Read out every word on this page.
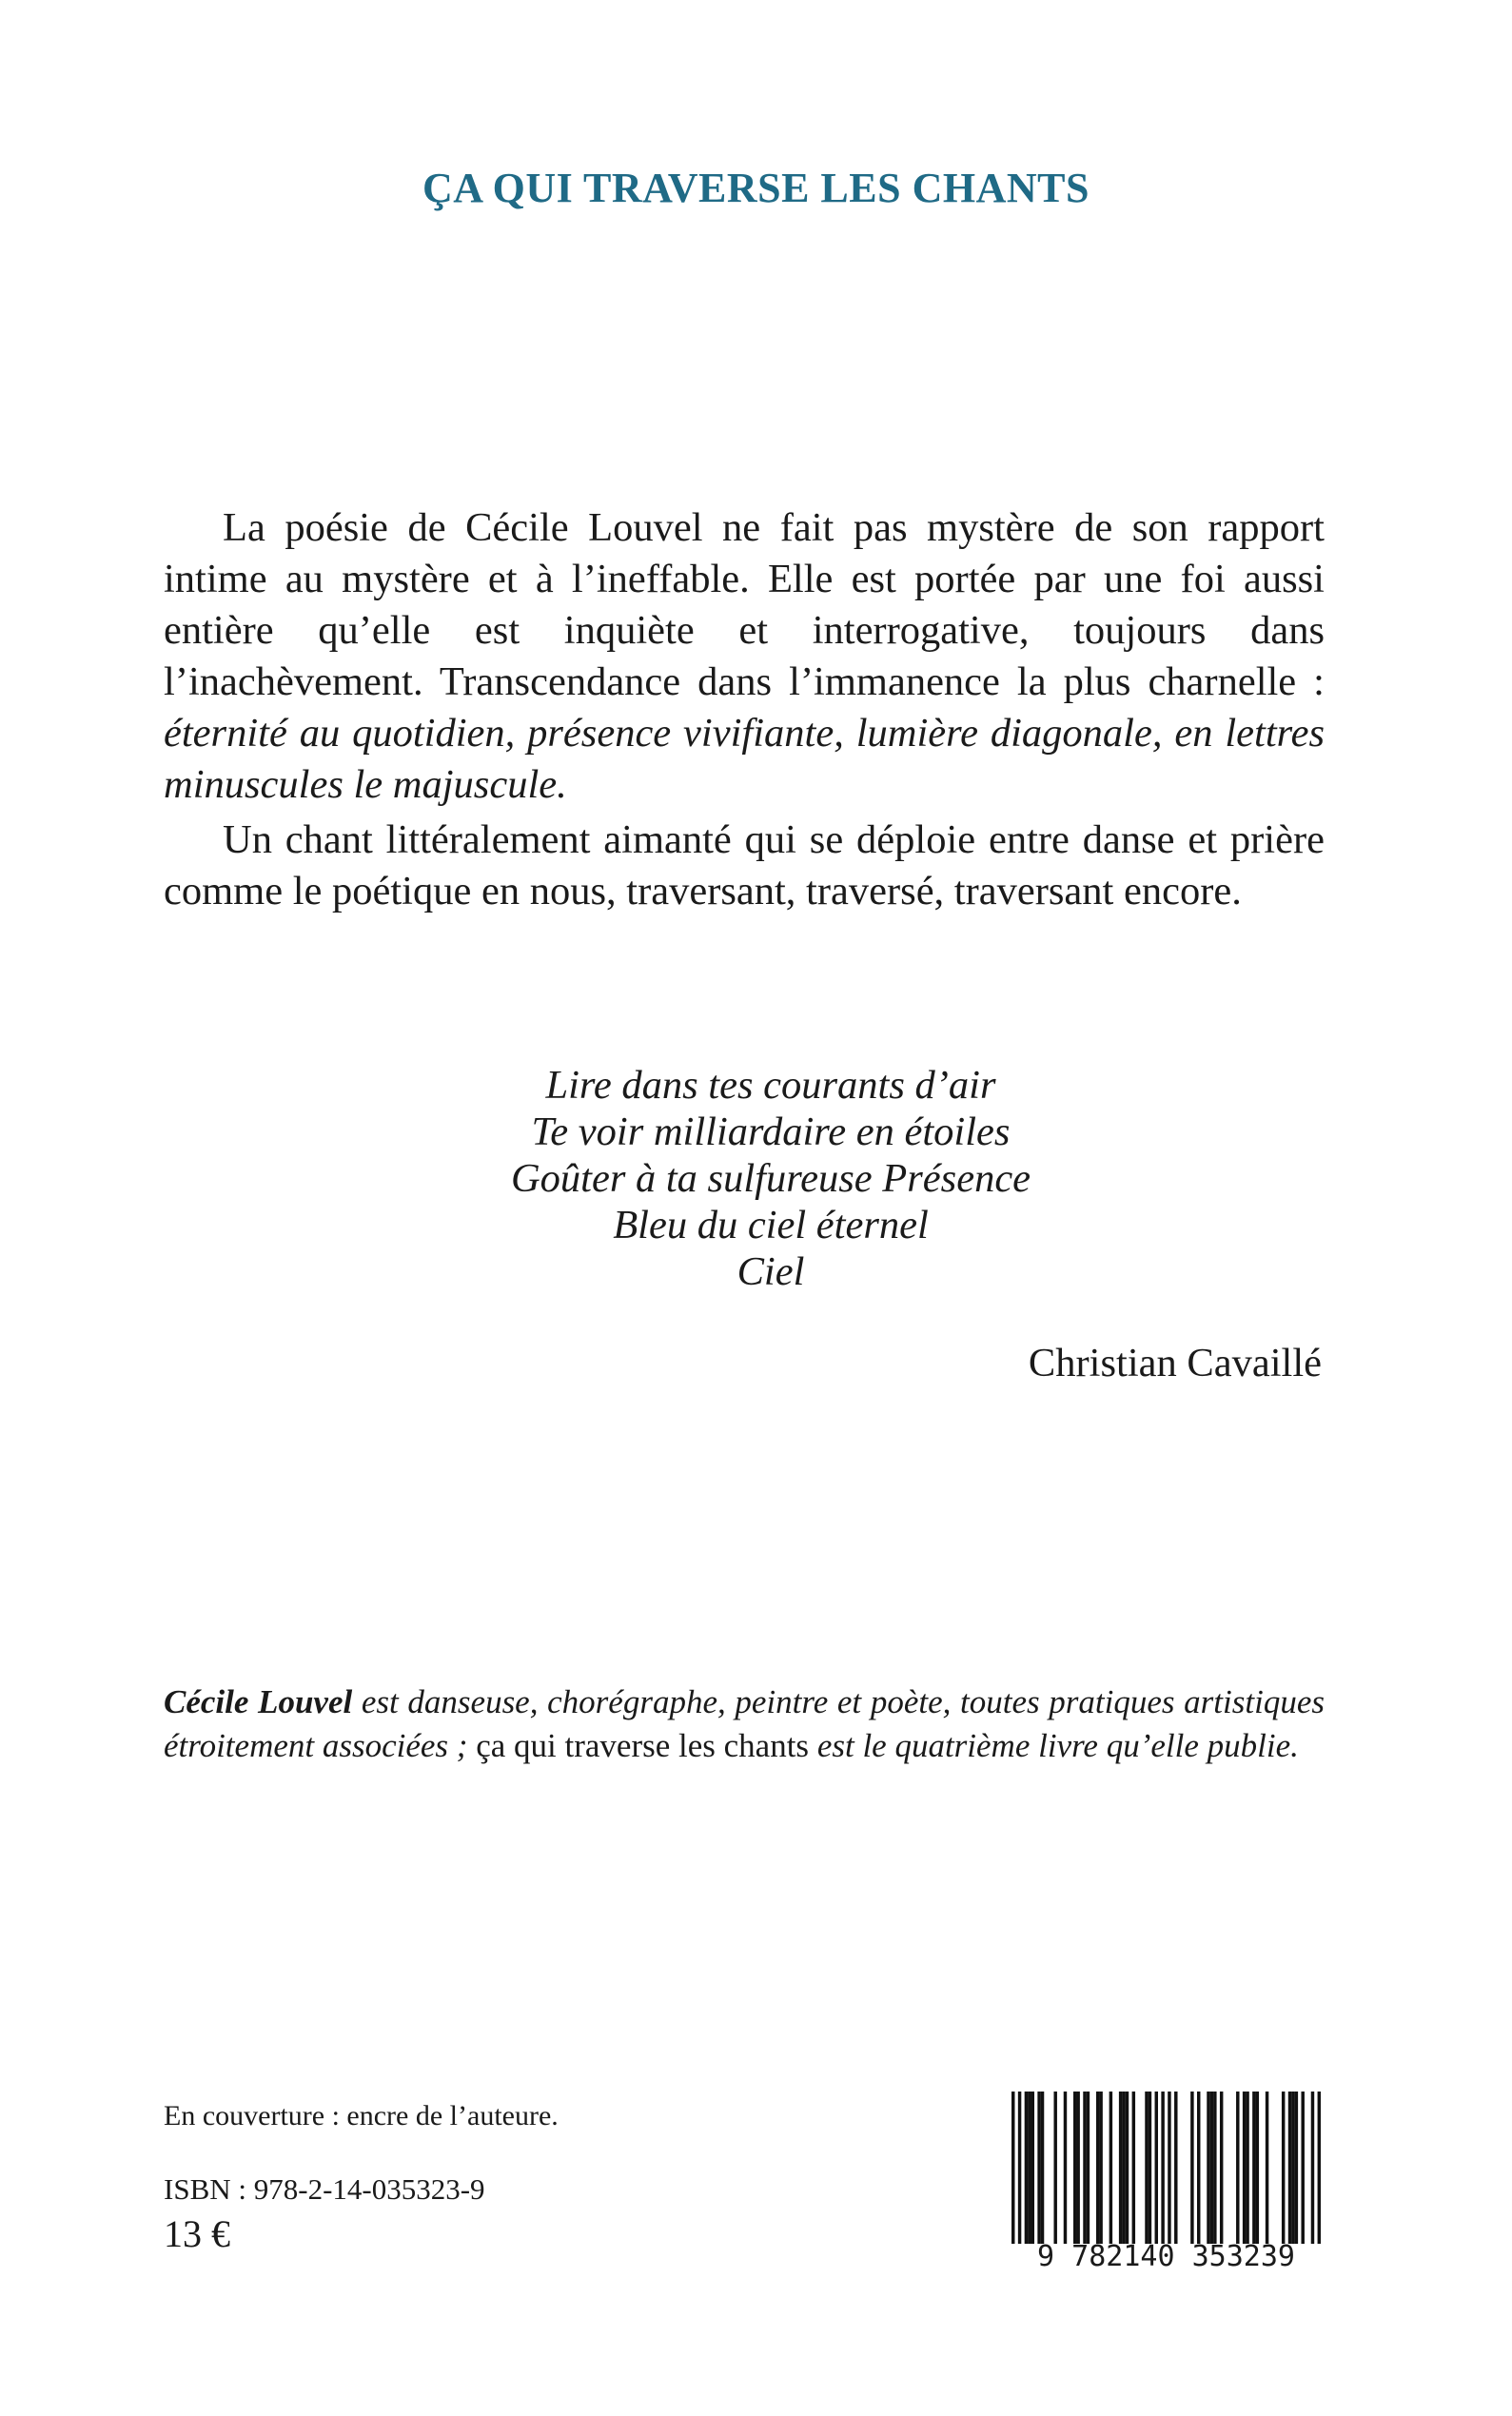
ÇA QUI TRAVERSE LES CHANTS

La poésie de Cécile Louvel ne fait pas mystère de son rapport intime au mystère et à l’ineffable. Elle est portée par une foi aussi entière qu’elle est inquiète et interrogative, toujours dans l’inachèvement. Transcendance dans l’immanence la plus charnelle : éternité au quotidien, présence vivifiante, lumière diagonale, en lettres minuscules le majuscule.

Un chant littéralement aimanté qui se déploie entre danse et prière comme le poétique en nous, traversant, traversé, traversant encore.

Lire dans tes courants d’air
Te voir milliardaire en étoiles
Goûter à ta sulfureuse Présence
Bleu du ciel éternel
Ciel
Christian Cavaillé
Cécile Louvel est danseuse, chorégraphe, peintre et poète, toutes pratiques artistiques étroitement associées ; ça qui traverse les chants est le quatrième livre qu’elle publie.
En couverture : encre de l’auteure.
ISBN : 978-2-14-035323-9
13 €
9 782140 353239
